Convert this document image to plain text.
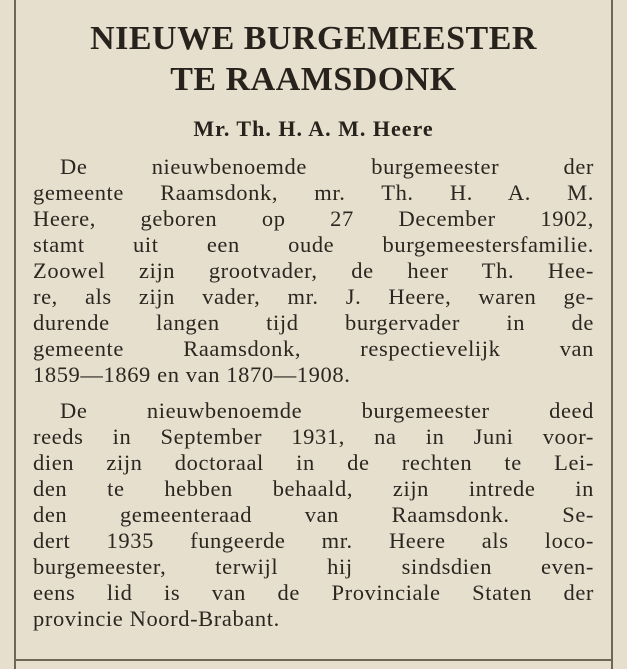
NIEUWE BURGEMEESTER
TE RAAMSDONK
Mr. Th. H. A. M. Heere
De nieuwbenoemde burgemeester der
gemeente Raamsdonk, mr. Th. H. A. M.
Heere, geboren op 27 December 1902,
stamt uit een oude burgemeestersfamilie.
Zoowel zijn grootvader, de heer Th. Hee-
re, als zijn vader, mr. J. Heere, waren ge-
durende langen tijd burgervader in de
gemeente Raamsdonk, respectievelijk van
1859—1869 en van 1870—1908.
De nieuwbenoemde burgemeester deed
reeds in September 1931, na in Juni voor-
dien zijn doctoraal in de rechten te Lei-
den te hebben behaald, zijn intrede in
den gemeenteraad van Raamsdonk. Se-
dert 1935 fungeerde mr. Heere als loco-
burgemeester, terwijl hij sindsdien even-
eens lid is van de Provinciale Staten der
provincie Noord-Brabant.
